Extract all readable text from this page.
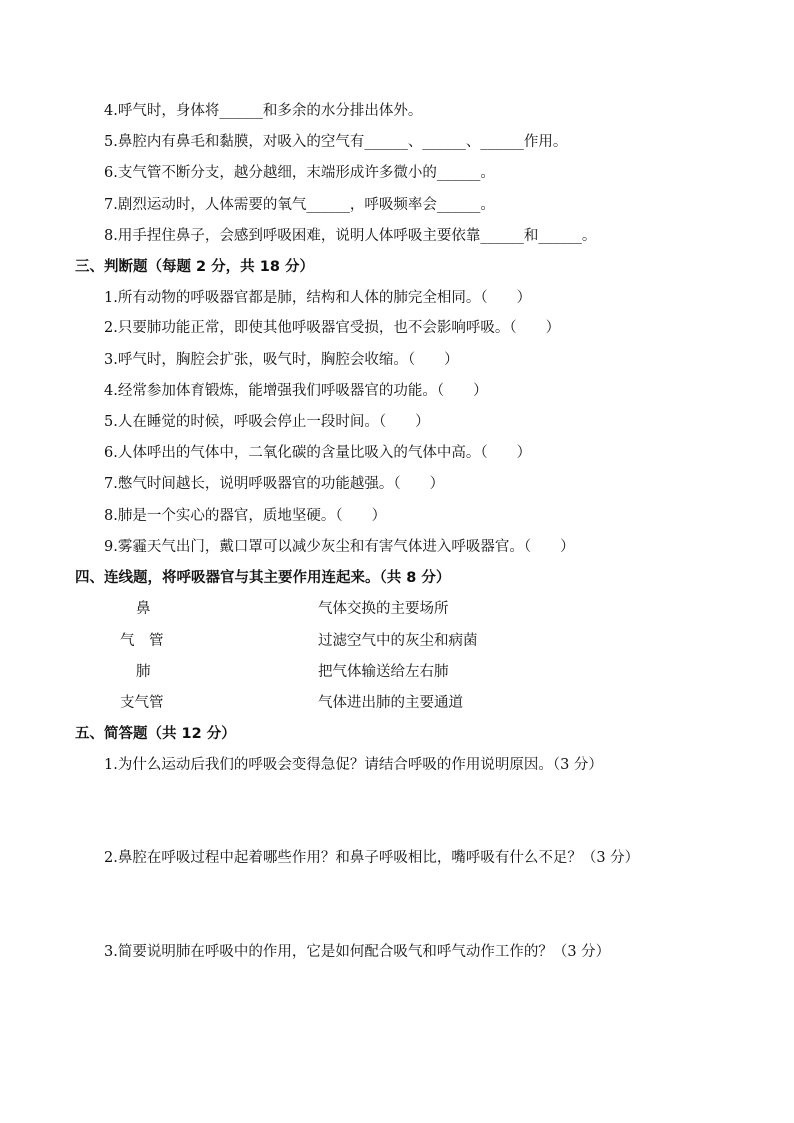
4.呼气时，身体将______和多余的水分排出体外。
5.鼻腔内有鼻毛和黏膜，对吸入的空气有______、______、______作用。
6.支气管不断分支，越分越细，末端形成许多微小的______。
7.剧烈运动时，人体需要的氧气______，呼吸频率会______。
8.用手捏住鼻子，会感到呼吸困难，说明人体呼吸主要依靠______和______。
三、判断题（每题 2 分，共 18 分）
1.所有动物的呼吸器官都是肺，结构和人体的肺完全相同。（　　）
2.只要肺功能正常，即使其他呼吸器官受损，也不会影响呼吸。（　　）
3.呼气时，胸腔会扩张，吸气时，胸腔会收缩。（　　）
4.经常参加体育锻炼，能增强我们呼吸器官的功能。（　　）
5.人在睡觉的时候，呼吸会停止一段时间。（　　）
6.人体呼出的气体中，二氧化碳的含量比吸入的气体中高。（　　）
7.憋气时间越长，说明呼吸器官的功能越强。（　　）
8.肺是一个实心的器官，质地坚硬。（　　）
9.雾霾天气出门，戴口罩可以减少灰尘和有害气体进入呼吸器官。（　　）
四、连线题，将呼吸器官与其主要作用连起来。（共 8 分）
鼻	气体交换的主要场所
气　管	过滤空气中的灰尘和病菌
肺	把气体输送给左右肺
支气管	气体进出肺的主要通道
五、简答题（共 12 分）
1.为什么运动后我们的呼吸会变得急促？请结合呼吸的作用说明原因。（3 分）
2.鼻腔在呼吸过程中起着哪些作用？和鼻子呼吸相比，嘴呼吸有什么不足？（3 分）
3.简要说明肺在呼吸中的作用，它是如何配合吸气和呼气动作工作的？（3 分）
